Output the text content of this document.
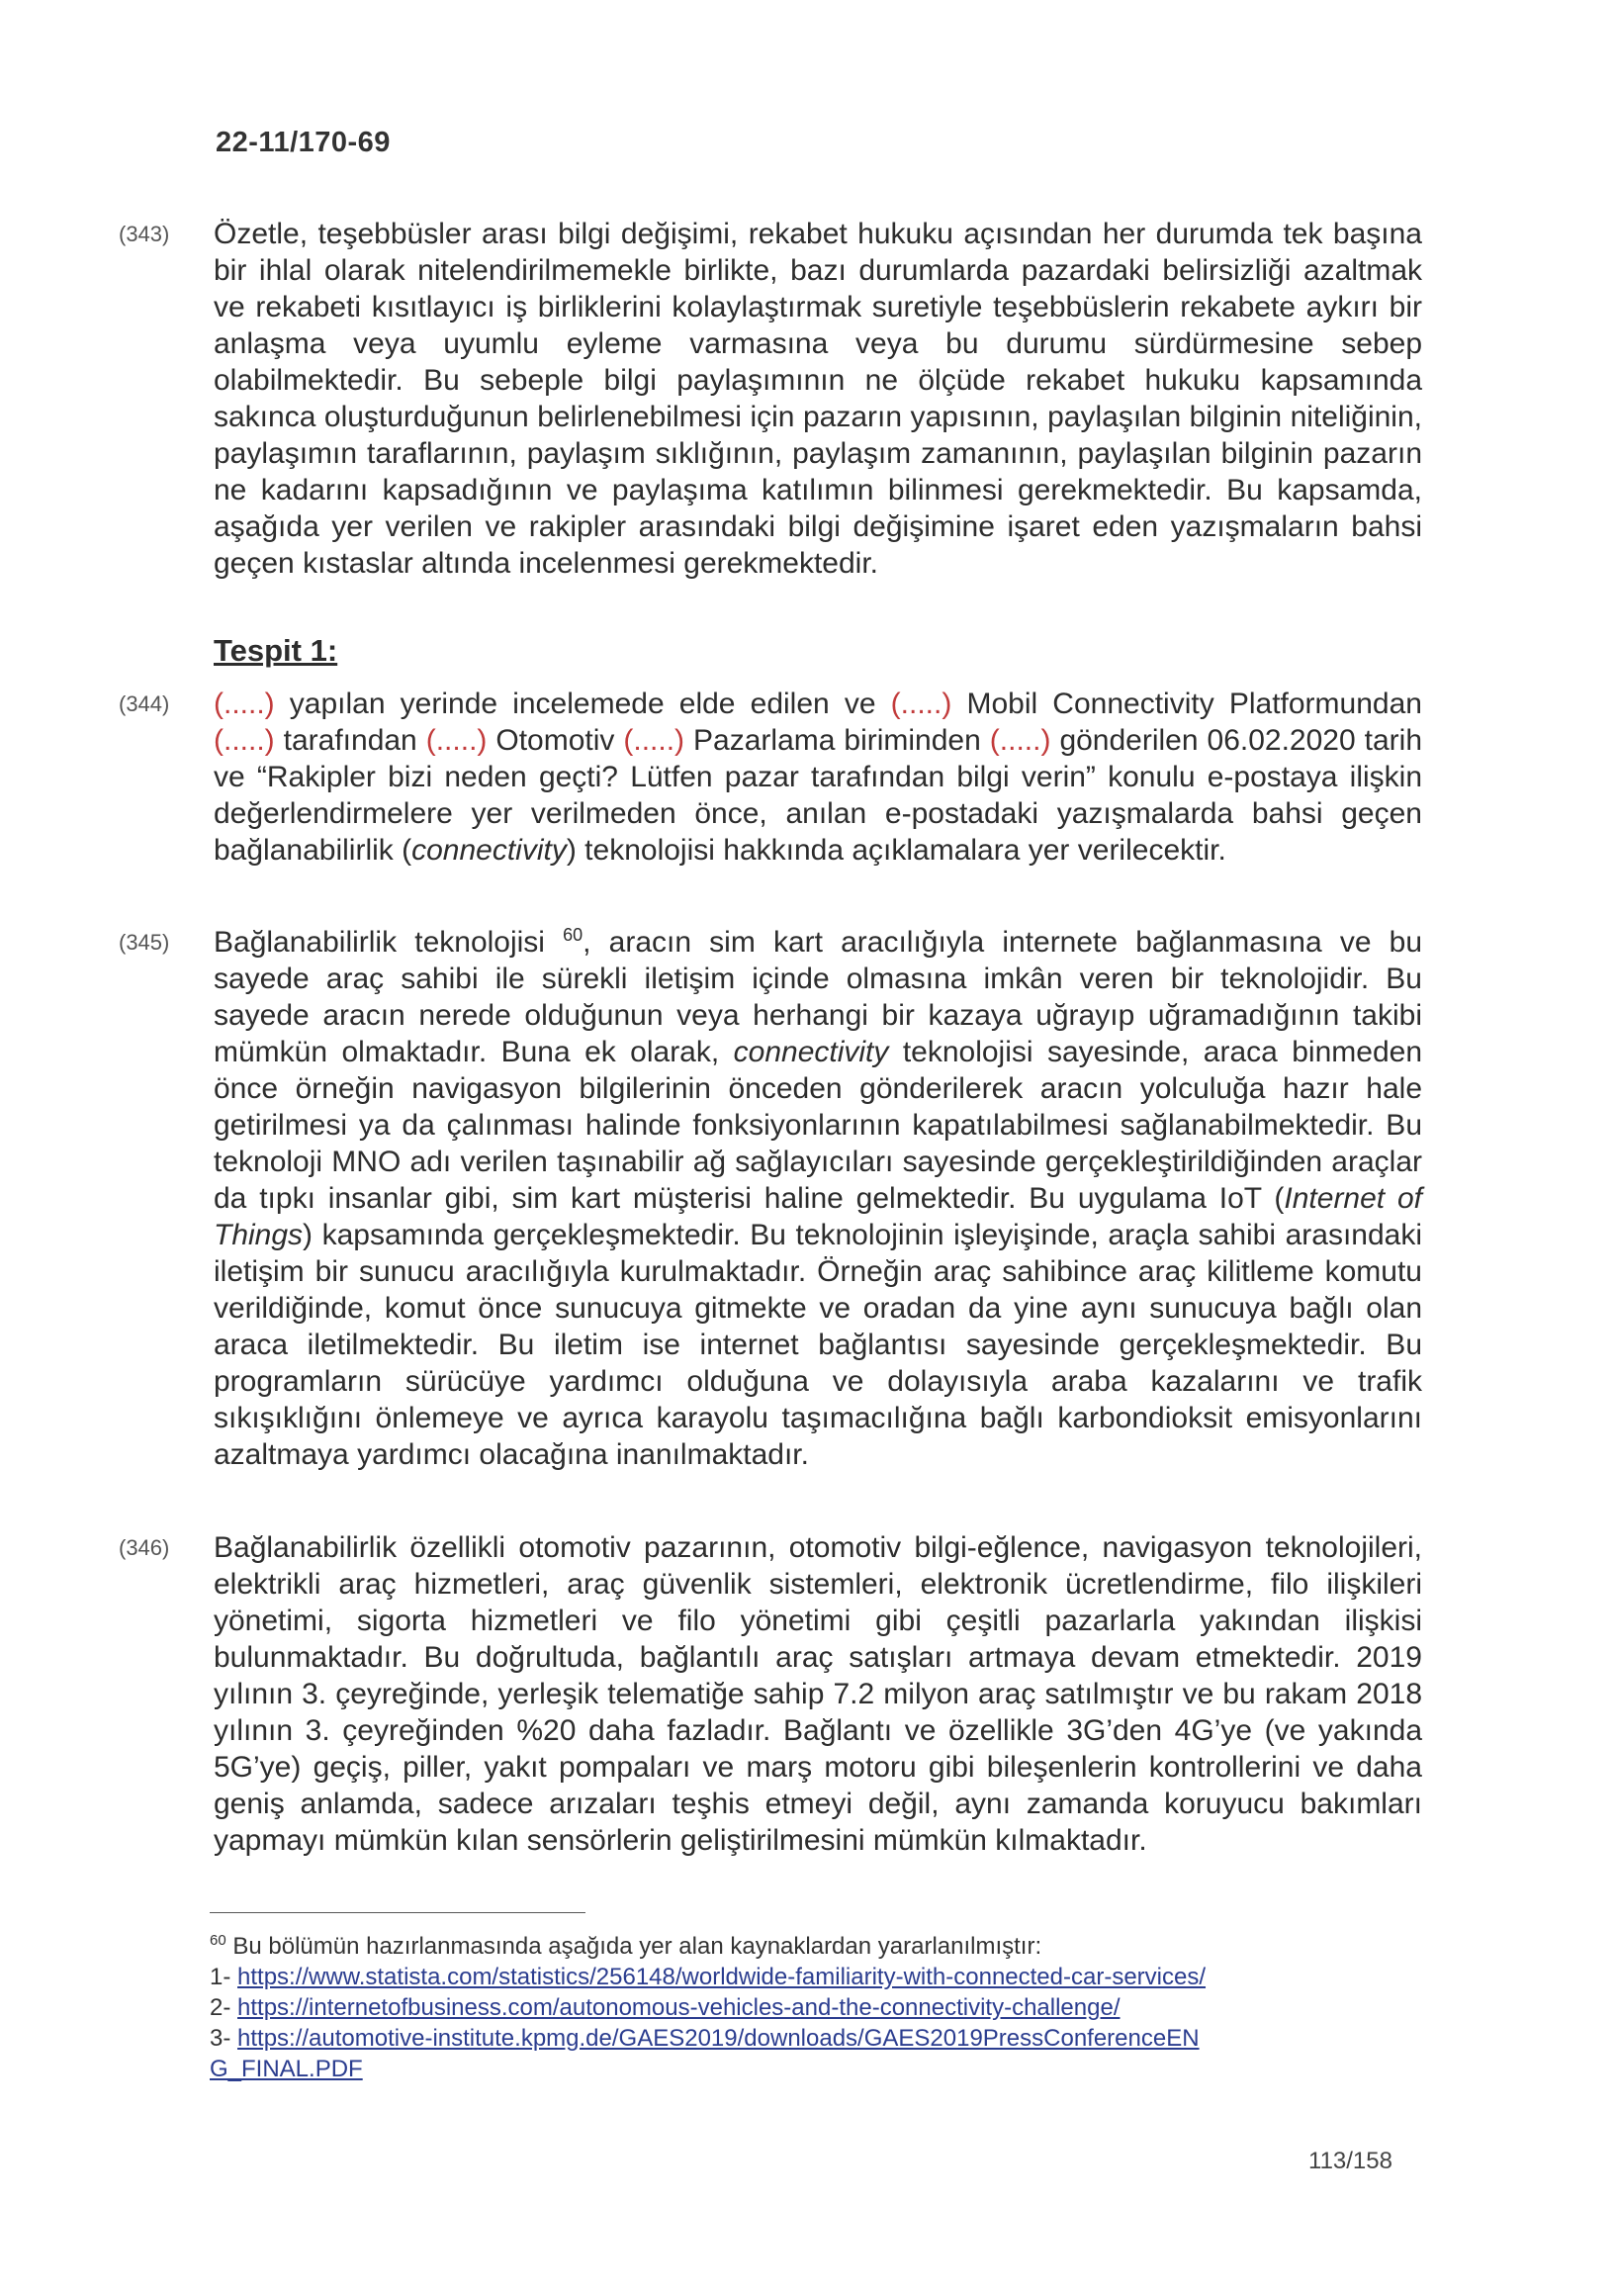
22-11/170-69
(343) Özetle, teşebbüsler arası bilgi değişimi, rekabet hukuku açısından her durumda tek başına bir ihlal olarak nitelendirilmemekle birlikte, bazı durumlarda pazardaki belirsizliği azaltmak ve rekabeti kısıtlayıcı iş birliklerini kolaylaştırmak suretiyle teşebbüslerin rekabete aykırı bir anlaşma veya uyumlu eyleme varmasına veya bu durumu sürdürmesine sebep olabilmektedir. Bu sebeple bilgi paylaşımının ne ölçüde rekabet hukuku kapsamında sakınca oluşturduğunun belirlenebilmesi için pazarın yapısının, paylaşılan bilginin niteliğinin, paylaşımın taraflarının, paylaşım sıklığının, paylaşım zamanının, paylaşılan bilginin pazarın ne kadarını kapsadığının ve paylaşıma katılımın bilinmesi gerekmektedir. Bu kapsamda, aşağıda yer verilen ve rakipler arasındaki bilgi değişimine işaret eden yazışmaların bahsi geçen kıstaslar altında incelenmesi gerekmektedir.
Tespit 1:
(344) (.....) yapılan yerinde incelemede elde edilen ve (.....) Mobil Connectivity Platformundan (.....) tarafından (.....) Otomotiv (.....) Pazarlama biriminden (.....) gönderilen 06.02.2020 tarih ve “Rakipler bizi neden geçti? Lütfen pazar tarafından bilgi verin” konulu e-postaya ilişkin değerlendirmelere yer verilmeden önce, anılan e-postadaki yazışmalarda bahsi geçen bağlanabilirlik (connectivity) teknolojisi hakkında açıklamalara yer verilecektir.
(345) Bağlanabilirlik teknolojisi $^{60}$, aracın sim kart aracılığıyla internete bağlanmasına ve bu sayede araç sahibi ile sürekli iletişim içinde olmasına imkân veren bir teknolojidir. Bu sayede aracın nerede olduğunun veya herhangi bir kazaya uğrayıp uğramadığının takibi mümkün olmaktadır. Buna ek olarak, connectivity teknolojisi sayesinde, araca binmeden önce örneğin navigasyon bilgilerinin önceden gönderilerek aracın yolculuğa hazır hale getirilmesi ya da çalınması halinde fonksiyonlarının kapatılabilmesi sağlanabilmektedir. Bu teknoloji MNO adı verilen taşınabilir ağ sağlayıcıları sayesinde gerçekleştirildiğinden araçlar da tıpkı insanlar gibi, sim kart müşterisi haline gelmektedir. Bu uygulama IoT (Internet of Things) kapsamında gerçekleşmektedir. Bu teknolojinin işleyişinde, araçla sahibi arasındaki iletişim bir sunucu aracılığıyla kurulmaktadır. Örneğin araç sahibince araç kilitleme komutu verildiğinde, komut önce sunucuya gitmekte ve oradan da yine aynı sunucuya bağlı olan araca iletilmektedir. Bu iletim ise internet bağlantısı sayesinde gerçekleşmektedir. Bu programların sürücüye yardımcı olduğuna ve dolayısıyla araba kazalarını ve trafik sıkışıklığını önlemeye ve ayrıca karayolu taşımacılığına bağlı karbondioksit emisyonlarını azaltmaya yardımcı olacağına inanılmaktadır.
(346) Bağlanabilirlik özellikli otomotiv pazarının, otomotiv bilgi-eğlence, navigasyon teknolojileri, elektrikli araç hizmetleri, araç güvenlik sistemleri, elektronik ücretlendirme, filo ilişkileri yönetimi, sigorta hizmetleri ve filo yönetimi gibi çeşitli pazarlarla yakından ilişkisi bulunmaktadır. Bu doğrultuda, bağlantılı araç satışları artmaya devam etmektedir. 2019 yılının 3. çeyreğinde, yerleşik telematiğe sahip 7.2 milyon araç satılmıştır ve bu rakam 2018 yılının 3. çeyreğinden %20 daha fazladır. Bağlantı ve özellikle 3G’den 4G’ye (ve yakında 5G’ye) geçiş, piller, yakıt pompaları ve marş motoru gibi bileşenlerin kontrollerini ve daha geniş anlamda, sadece arızaları teşhis etmeyi değil, aynı zamanda koruyucu bakımları yapmayı mümkün kılan sensörlerin geliştirilmesini mümkün kılmaktadır.
$^{60}$ Bu bölümün hazırlanmasında aşağıda yer alan kaynaklardan yararlanılmıştır:
1- https://www.statista.com/statistics/256148/worldwide-familiarity-with-connected-car-services/
2- https://internetofbusiness.com/autonomous-vehicles-and-the-connectivity-challenge/
3- https://automotive-institute.kpmg.de/GAES2019/downloads/GAES2019PressConferenceENG_FINAL.PDF
113/158
